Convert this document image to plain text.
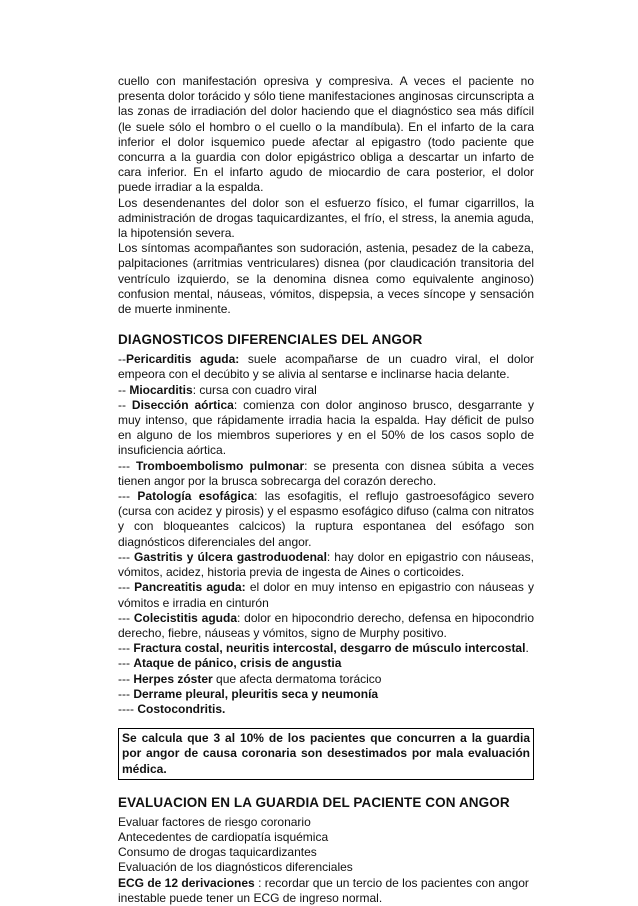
cuello con manifestación opresiva y compresiva. A veces el paciente no presenta dolor torácido y sólo tiene manifestaciones anginosas circunscripta a las zonas de irradiación del dolor haciendo que el diagnóstico sea más difícil (le suele sólo el hombro o el cuello o la mandíbula). En el infarto de la cara inferior el dolor isquemico puede afectar al epigastro (todo paciente que concurra a la guardia con dolor epigástrico obliga a descartar un infarto de cara inferior. En el infarto agudo de miocardio de cara posterior, el dolor puede irradiar a la espalda.

Los desendenantes del dolor son el esfuerzo físico, el fumar cigarrillos, la administración de drogas taquicardizantes, el frío, el stress, la anemia aguda, la hipotensión severa.

Los síntomas acompañantes son sudoración, astenia, pesadez de la cabeza, palpitaciones (arritmias ventriculares) disnea (por claudicación transitoria del ventrículo izquierdo, se la denomina disnea como equivalente anginoso) confusion mental, náuseas, vómitos, dispepsia, a veces síncope y sensación de muerte inminente.

DIAGNOSTICOS DIFERENCIALES DEL ANGOR

--Pericarditis aguda: suele acompañarse de un cuadro viral, el dolor empeora con el decúbito y se alivia al sentarse e inclinarse hacia delante.

-- Miocarditis: cursa con cuadro viral

-- Disección aórtica: comienza con dolor anginoso brusco, desgarrante y muy intenso, que rápidamente irradia hacia la espalda. Hay déficit de pulso en alguno de los miembros superiores y en el 50% de los casos soplo de insuficiencia aórtica.

--- Tromboembolismo pulmonar: se presenta con disnea súbita a veces tienen angor por la brusca sobrecarga del corazón derecho.

--- Patología esofágica: las esofagitis, el reflujo gastroesofágico severo (cursa con acidez y pirosis) y el espasmo esofágico difuso (calma con nitratos y con bloqueantes calcicos) la ruptura espontanea del esófago son diagnósticos diferenciales del angor.

--- Gastritis y úlcera gastroduodenal: hay dolor en epigastrio con náuseas, vómitos, acidez, historia previa de ingesta de Aines o corticoides.

--- Pancreatitis aguda: el dolor en muy intenso en epigastrio con náuseas y vómitos e irradia en cinturón

--- Colecistitis aguda: dolor en hipocondrio derecho, defensa en hipocondrio derecho, fiebre, náuseas y vómitos, signo de Murphy positivo.

--- Fractura costal, neuritis intercostal, desgarro de músculo intercostal.

--- Ataque de pánico, crisis de angustia

--- Herpes zóster que afecta dermatoma torácico

--- Derrame pleural, pleuritis seca y neumonía

---- Costocondritis.

Se calcula que 3 al 10% de los pacientes que concurren a la guardia por angor de causa coronaria son desestimados por mala evaluación médica.
EVALUACION EN LA GUARDIA DEL PACIENTE CON ANGOR

Evaluar factores de riesgo coronario

Antecedentes de cardiopatía isquémica

Consumo de drogas taquicardizantes

Evaluación de los diagnósticos diferenciales

ECG de 12 derivaciones : recordar que un tercio de los pacientes con angor inestable puede tener un ECG de ingreso normal.
